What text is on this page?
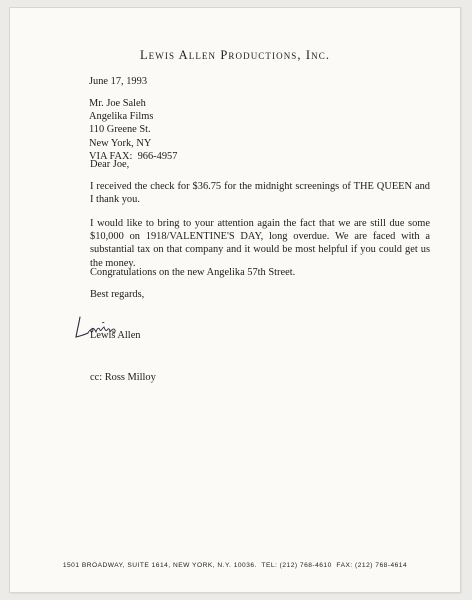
Lewis Allen Productions, Inc.
June 17, 1993
Mr. Joe Saleh
Angelika Films
110 Greene St.
New York, NY
VIA FAX:  966-4957
Dear Joe,
I received the check for $36.75 for the midnight screenings of THE QUEEN and I thank you.
I would like to bring to your attention again the fact that we are still due some $10,000 on 1918/VALENTINE'S DAY, long overdue. We are faced with a substantial tax on that company and it would be most helpful if you could get us the money.
Congratulations on the new Angelika 57th Street.
Best regards,
Lewis Allen
cc: Ross Milloy
1501 BROADWAY, SUITE 1614, NEW YORK, N.Y. 10036.  TEL: (212) 768-4610  FAX: (212) 768-4614
